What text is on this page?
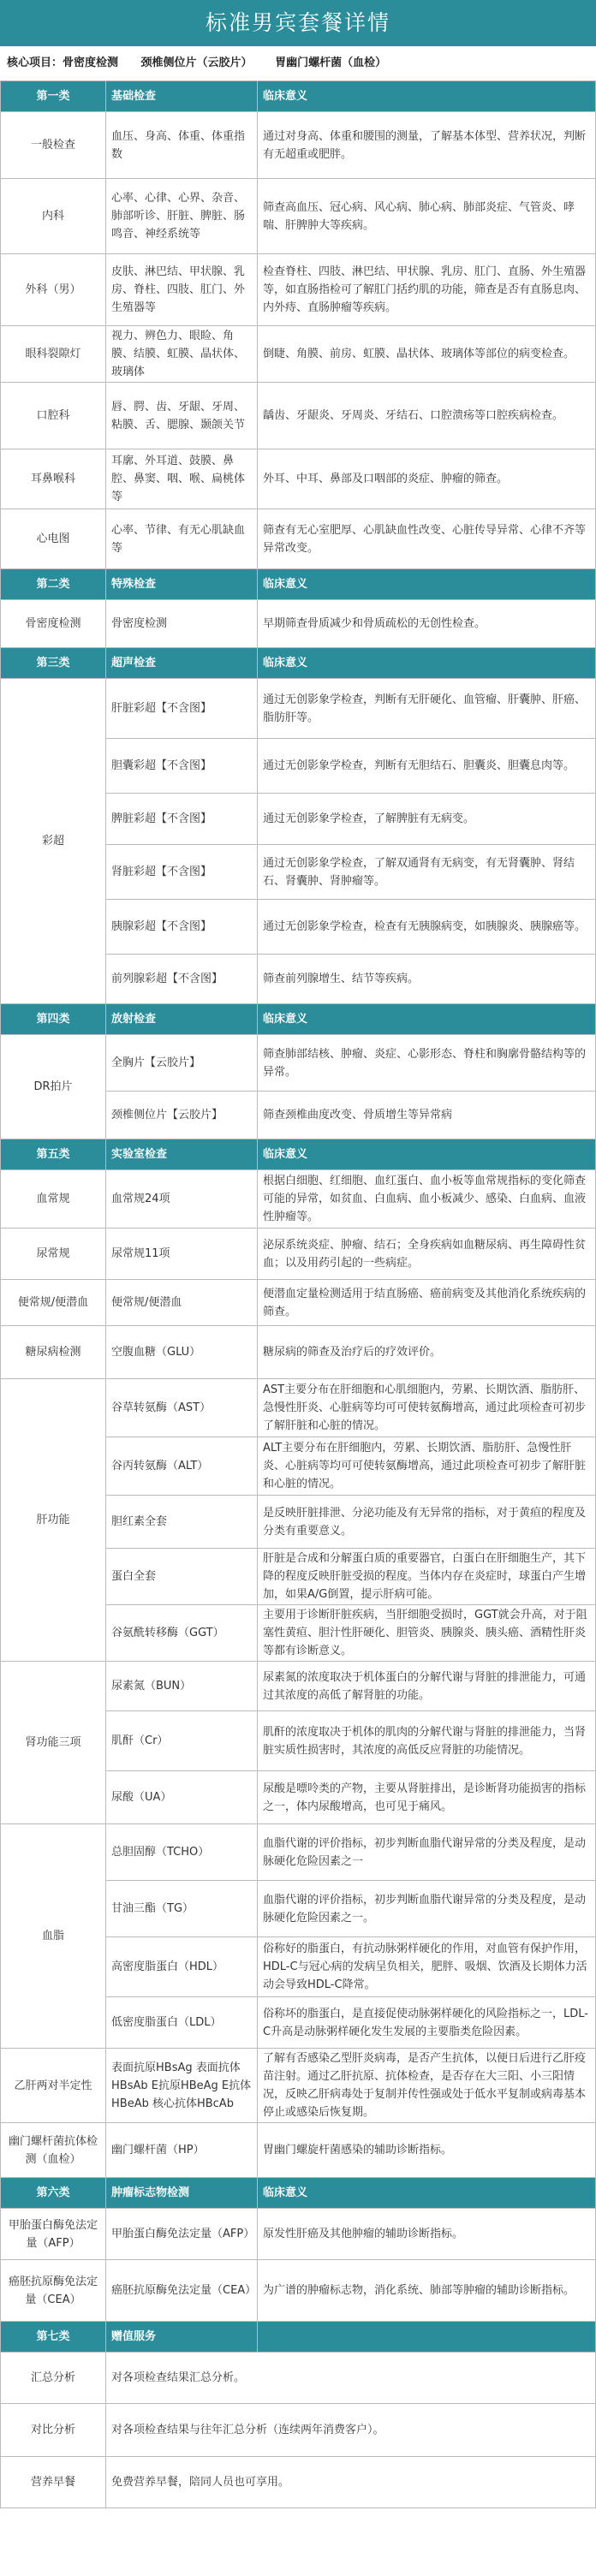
标准男宾套餐详情
核心项目：骨密度检测 颈椎侧位片（云胶片） 胃幽门螺杆菌（血检）
第一类	基础检查	临床意义
一般检查	血压、身高、体重、体重指数	通过对身高、体重和腰围的测量，了解基本体型、营养状况，判断有无超重或肥胖。
内科	心率、心律、心界、杂音、肺部听诊、肝脏、脾脏、肠鸣音、神经系统等	筛查高血压、冠心病、风心病、肺心病、肺部炎症、气管炎、哮喘、肝脾肿大等疾病。
外科（男）	皮肤、淋巴结、甲状腺、乳房、脊柱、四肢、肛门、外生殖器等	检查脊柱、四肢、淋巴结、甲状腺、乳房、肛门、直肠、外生殖器等，如直肠指检可了解肛门括约肌的功能，筛查是否有直肠息肉、内外痔、直肠肿瘤等疾病。
眼科裂隙灯	视力、辨色力、眼睑、角膜、结膜、虹膜、晶状体、玻璃体	倒睫、角膜、前房、虹膜、晶状体、玻璃体等部位的病变检查。
口腔科	唇、腭、齿、牙龈、牙周、粘膜、舌、腮腺、颞颌关节	龋齿、牙龈炎、牙周炎、牙结石、口腔溃疡等口腔疾病检查。
耳鼻喉科	耳廓、外耳道、鼓膜、鼻腔、鼻窦、咽、喉、扁桃体等	外耳、中耳、鼻部及口咽部的炎症、肿瘤的筛查。
心电图	心率、节律、有无心肌缺血等	筛查有无心室肥厚、心肌缺血性改变、心脏传导异常、心律不齐等异常改变。
第二类	特殊检查	临床意义
骨密度检测	骨密度检测	早期筛查骨质减少和骨质疏松的无创性检查。
第三类	超声检查	临床意义
彩超	肝脏彩超【不含图】	通过无创影象学检查，判断有无肝硬化、血管瘤、肝囊肿、肝癌、脂肪肝等。
	胆囊彩超【不含图】	通过无创影象学检查，判断有无胆结石、胆囊炎、胆囊息肉等。
	脾脏彩超【不含图】	通过无创影象学检查，了解脾脏有无病变。
	肾脏彩超【不含图】	通过无创影象学检查，了解双通肾有无病变，有无肾囊肿、肾结石、肾囊肿、肾肿瘤等。
	胰腺彩超【不含图】	通过无创影象学检查，检查有无胰腺病变，如胰腺炎、胰腺癌等。
	前列腺彩超【不含图】	筛查前列腺增生、结节等疾病。
第四类	放射检查	临床意义
DR拍片	全胸片【云胶片】	筛查肺部结核、肿瘤、炎症、心影形态、脊柱和胸廓骨骼结构等的异常。
	颈椎侧位片【云胶片】	筛查颈椎曲度改变、骨质增生等异常病
第五类	实验室检查	临床意义
血常规	血常规24项	根据白细胞、红细胞、血红蛋白、血小板等血常规指标的变化筛查可能的异常，如贫血、白血病、血小板减少、感染、白血病、血液性肿瘤等。
尿常规	尿常规11项	泌尿系统炎症、肿瘤、结石；全身疾病如血糖尿病、再生障碍性贫血；以及用药引起的一些病症。
便常规/便潜血	便常规/便潜血	便潜血定量检测适用于结直肠癌、癌前病变及其他消化系统疾病的筛查。
糖尿病检测	空腹血糖（GLU）	糖尿病的筛查及治疗后的疗效评价。
肝功能	谷草转氨酶（AST）	AST主要分布在肝细胞和心肌细胞内，劳累、长期饮酒、脂肪肝、急慢性肝炎、心脏病等均可可使转氨酶增高，通过此项检查可初步了解肝脏和心脏的情况。
	谷丙转氨酶（ALT）	ALT主要分布在肝细胞内，劳累、长期饮酒、脂肪肝、急慢性肝炎、心脏病等均可可使转氨酶增高，通过此项检查可初步了解肝脏和心脏的情况。
	胆红素全套	是反映肝脏排泄、分泌功能及有无异常的指标，对于黄疸的程度及分类有重要意义。
	蛋白全套	肝脏是合成和分解蛋白质的重要器官，白蛋白在肝细胞生产，其下降的程度反映肝脏受损的程度。当体内存在炎症时，球蛋白产生增加，如果A/G倒置，提示肝病可能。
	谷氨酰转移酶（GGT）	主要用于诊断肝脏疾病，当肝细胞受损时，GGT就会升高，对于阻塞性黄疸、胆汁性肝硬化、胆管炎、胰腺炎、胰头癌、酒精性肝炎等都有诊断意义。
肾功能三项	尿素氮（BUN）	尿素氮的浓度取决于机体蛋白的分解代谢与肾脏的排泄能力，可通过其浓度的高低了解肾脏的功能。
	肌酐（Cr）	肌酐的浓度取决于机体的肌肉的分解代谢与肾脏的排泄能力，当肾脏实质性损害时，其浓度的高低反应肾脏的功能情况。
	尿酸（UA）	尿酸是嘌呤类的产物，主要从肾脏排出，是诊断肾功能损害的指标之一，体内尿酸增高，也可见于痛风。
血脂	总胆固醇（TCHO）	血脂代谢的评价指标，初步判断血脂代谢异常的分类及程度，是动脉硬化危险因素之一
	甘油三酯（TG）	血脂代谢的评价指标，初步判断血脂代谢异常的分类及程度，是动脉硬化危险因素之一。
	高密度脂蛋白（HDL）	俗称好的脂蛋白，有抗动脉粥样硬化的作用，对血管有保护作用，HDL-C与冠心病的发病呈负相关，肥胖、吸烟、饮酒及长期体力活动会导致HDL-C降常。
	低密度脂蛋白（LDL）	俗称坏的脂蛋白，是直接促使动脉粥样硬化的风险指标之一，LDL-C升高是动脉粥样硬化发生发展的主要脂类危险因素。
乙肝两对半定性	表面抗原HBsAg 表面抗体HBsAb E抗原HBeAg E抗体HBeAb 核心抗体HBcAb	了解有否感染乙型肝炎病毒，是否产生抗体，以便日后进行乙肝疫苗注射。通过乙肝抗原、抗体检查，是否存在大三阳、小三阳情况，反映乙肝病毒处于复制并传性强或处于低水平复制或病毒基本停止或感染后恢复期。
幽门螺杆菌抗体检测（血检）	幽门螺杆菌（HP）	胃幽门螺旋杆菌感染的辅助诊断指标。
第六类	肿瘤标志物检测	临床意义
甲胎蛋白酶免法定量（AFP）	甲胎蛋白酶免法定量（AFP）	原发性肝癌及其他肿瘤的辅助诊断指标。
癌胚抗原酶免法定量（CEA）	癌胚抗原酶免法定量（CEA）	为广谱的肿瘤标志物，消化系统、肺部等肿瘤的辅助诊断指标。
第七类	赠值服务	
汇总分析	对各项检查结果汇总分析。	
对比分析	对各项检查结果与往年汇总分析（连续两年消费客户）。	
营养早餐	免费营养早餐，陪同人员也可享用。	
